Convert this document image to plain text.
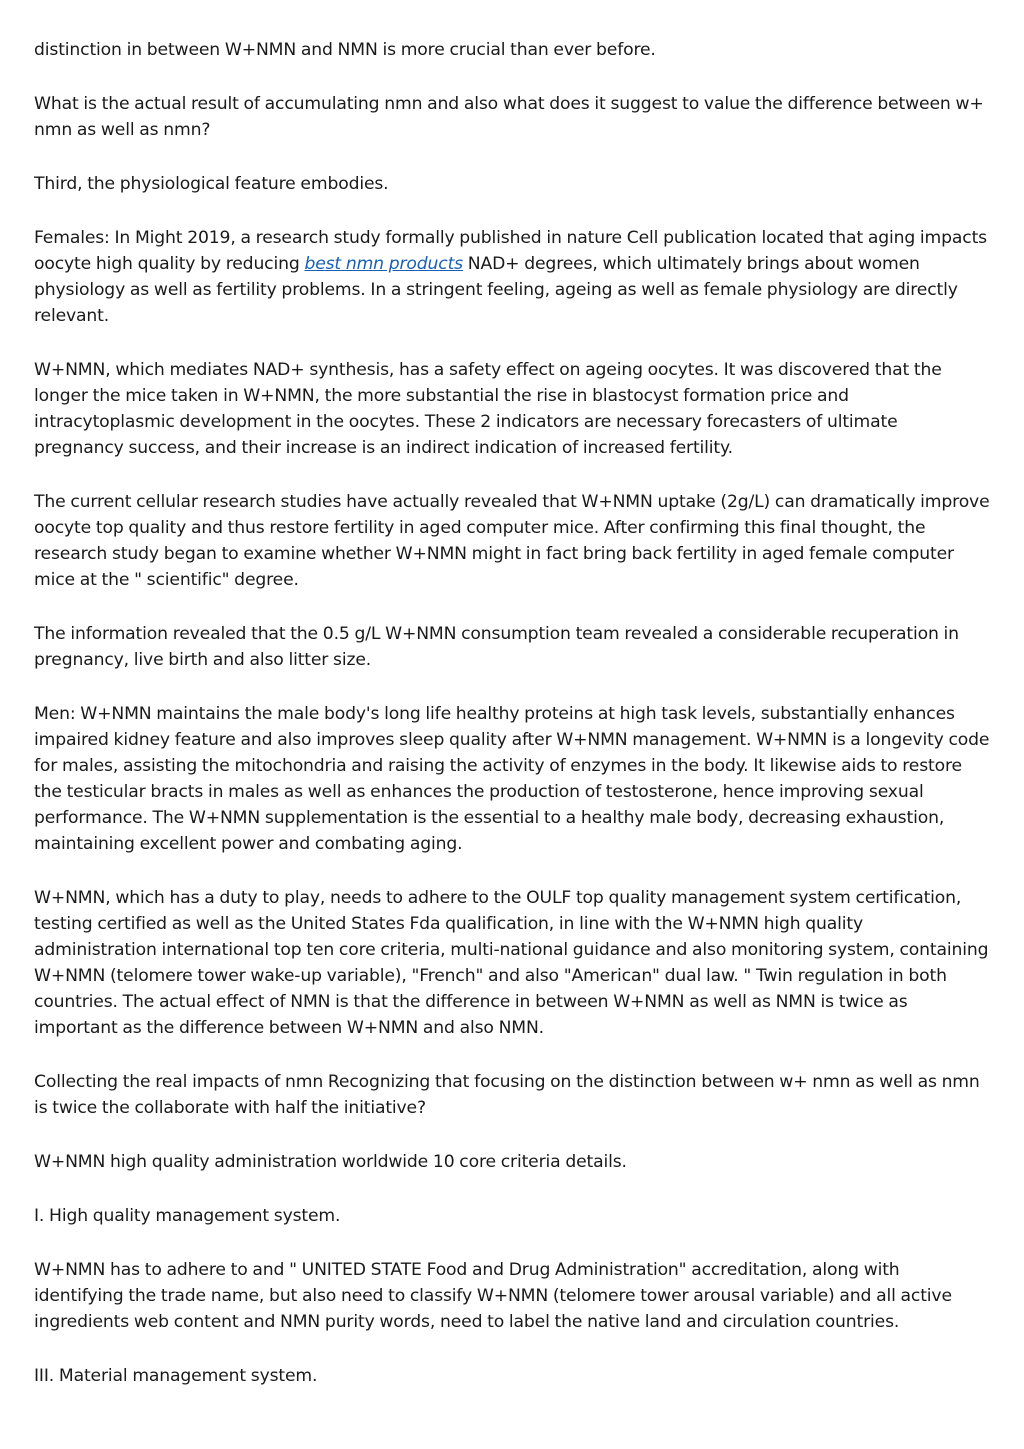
distinction in between W+NMN and NMN is more crucial than ever before.

What is the actual result of accumulating nmn and also what does it suggest to value the difference between w+ nmn as well as nmn?

Third, the physiological feature embodies.

Females: In Might 2019, a research study formally published in nature Cell publication located that aging impacts oocyte high quality by reducing best nmn products NAD+ degrees, which ultimately brings about women physiology as well as fertility problems. In a stringent feeling, ageing as well as female physiology are directly relevant.

W+NMN, which mediates NAD+ synthesis, has a safety effect on ageing oocytes. It was discovered that the longer the mice taken in W+NMN, the more substantial the rise in blastocyst formation price and intracytoplasmic development in the oocytes. These 2 indicators are necessary forecasters of ultimate pregnancy success, and their increase is an indirect indication of increased fertility.

The current cellular research studies have actually revealed that W+NMN uptake (2g/L) can dramatically improve oocyte top quality and thus restore fertility in aged computer mice. After confirming this final thought, the research study began to examine whether W+NMN might in fact bring back fertility in aged female computer mice at the " scientific" degree.

The information revealed that the 0.5 g/L W+NMN consumption team revealed a considerable recuperation in pregnancy, live birth and also litter size.

Men: W+NMN maintains the male body's long life healthy proteins at high task levels, substantially enhances impaired kidney feature and also improves sleep quality after W+NMN management. W+NMN is a longevity code for males, assisting the mitochondria and raising the activity of enzymes in the body. It likewise aids to restore the testicular bracts in males as well as enhances the production of testosterone, hence improving sexual performance. The W+NMN supplementation is the essential to a healthy male body, decreasing exhaustion, maintaining excellent power and combating aging.

W+NMN, which has a duty to play, needs to adhere to the OULF top quality management system certification, testing certified as well as the United States Fda qualification, in line with the W+NMN high quality administration international top ten core criteria, multi-national guidance and also monitoring system, containing W+NMN (telomere tower wake-up variable), "French" and also "American" dual law. " Twin regulation in both countries. The actual effect of NMN is that the difference in between W+NMN as well as NMN is twice as important as the difference between W+NMN and also NMN.

Collecting the real impacts of nmn Recognizing that focusing on the distinction between w+ nmn as well as nmn is twice the collaborate with half the initiative?

W+NMN high quality administration worldwide 10 core criteria details.

I. High quality management system.

W+NMN has to adhere to and " UNITED STATE Food and Drug Administration" accreditation, along with identifying the trade name, but also need to classify W+NMN (telomere tower arousal variable) and all active ingredients web content and NMN purity words, need to label the native land and circulation countries.

III. Material management system.
